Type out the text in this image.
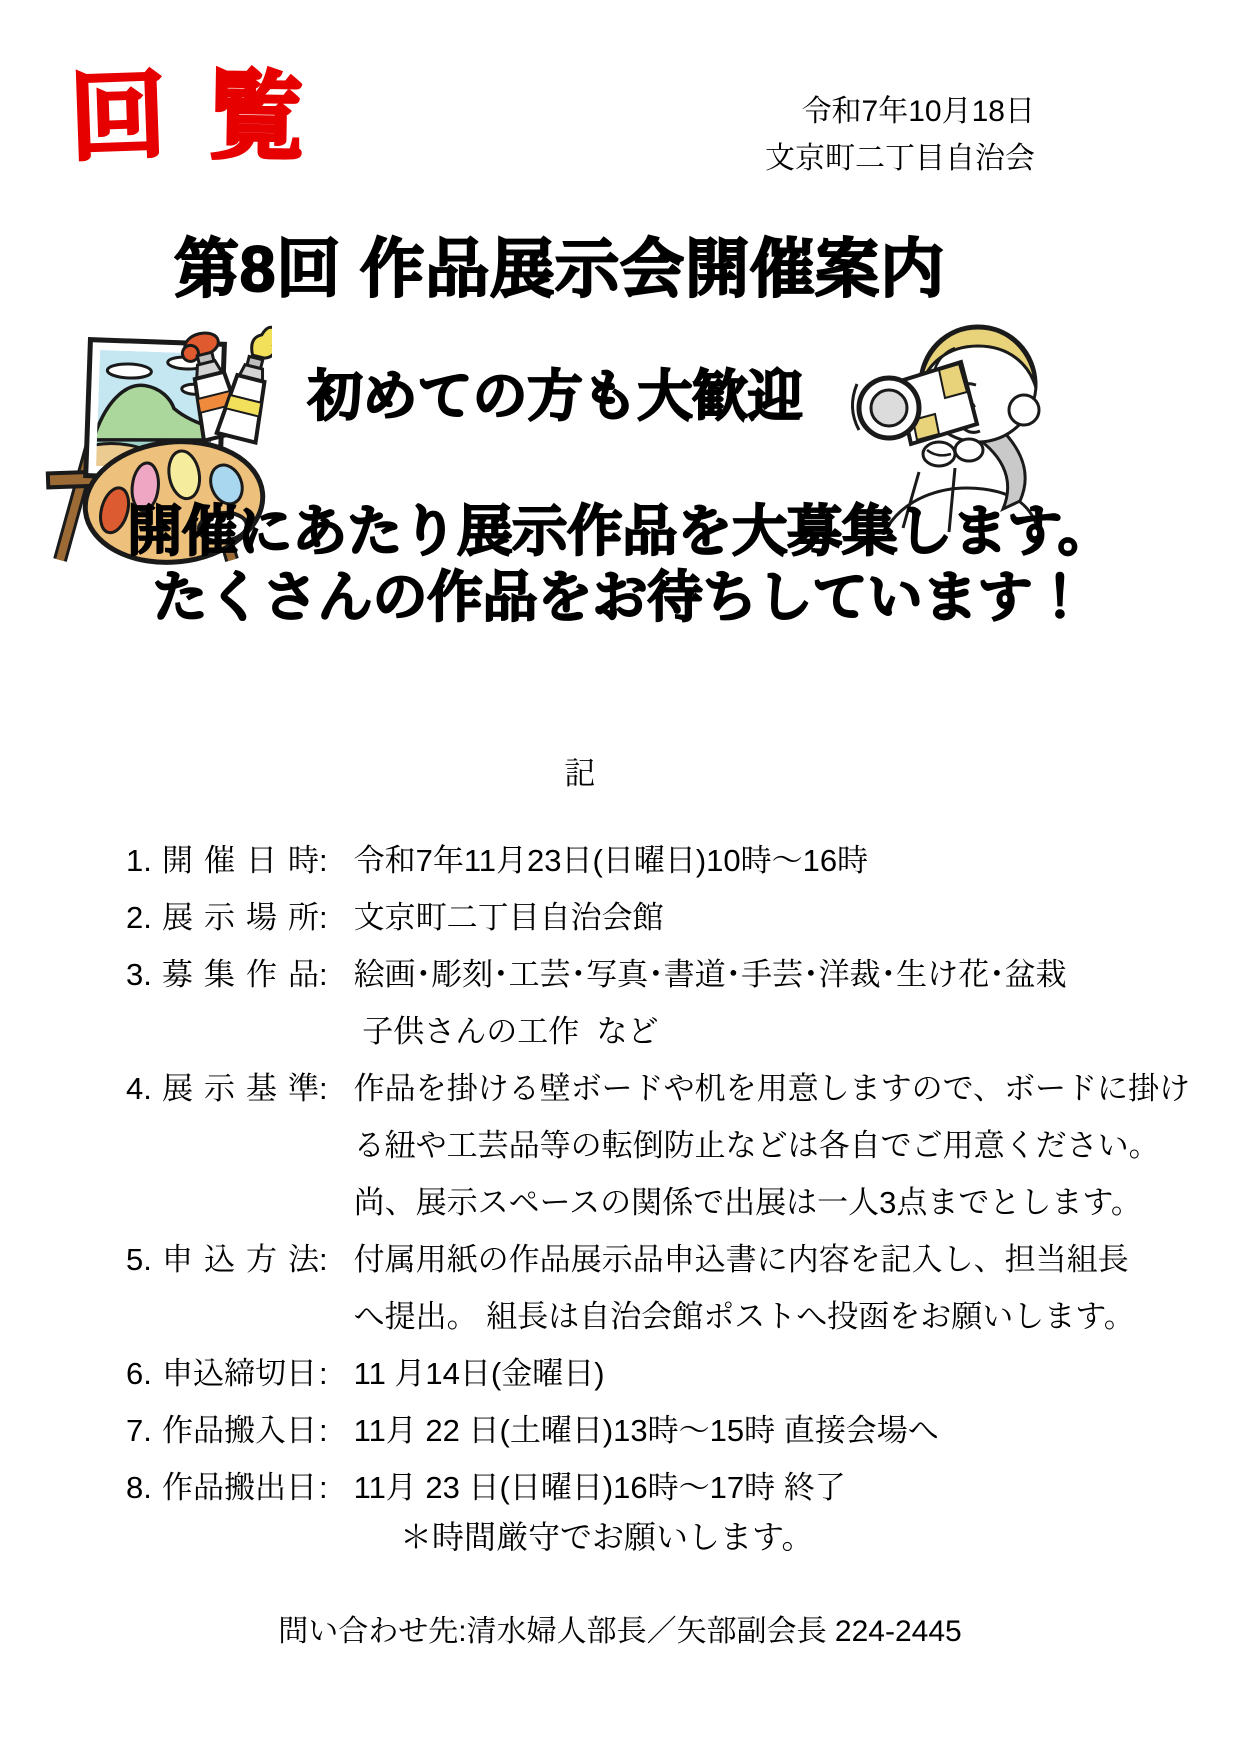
回 覧	令和7年10月18日
文京町二丁目自治会
第8回 作品展示会開催案内
初めての方も大歓迎
開催にあたり展示作品を大募集します。
たくさんの作品をお待ちしています！
記
1. 開催日時: 令和7年11月23日(日曜日)10時～16時
2. 展示場所: 文京町二丁目自治会館
3. 募集作品: 絵画･彫刻･工芸･写真･書道･手芸･洋裁･生け花･盆栽
子供さんの工作  など
4. 展示基準: 作品を掛ける壁ボードや机を用意しますので、ボードに掛け
る紐や工芸品等の転倒防止などは各自でご用意ください。
尚、展示スペースの関係で出展は一人3点までとします。
5. 申込方法: 付属用紙の作品展示品申込書に内容を記入し、担当組長
へ提出。 組長は自治会館ポストへ投函をお願いします。
6. 申込締切日: 11 月14日(金曜日)
7. 作品搬入日: 11月 22 日(土曜日)13時～15時 直接会場へ
8. 作品搬出日: 11月 23 日(日曜日)16時～17時 終了
＊時間厳守でお願いします。
問い合わせ先:清水婦人部長／矢部副会長 224-2445
